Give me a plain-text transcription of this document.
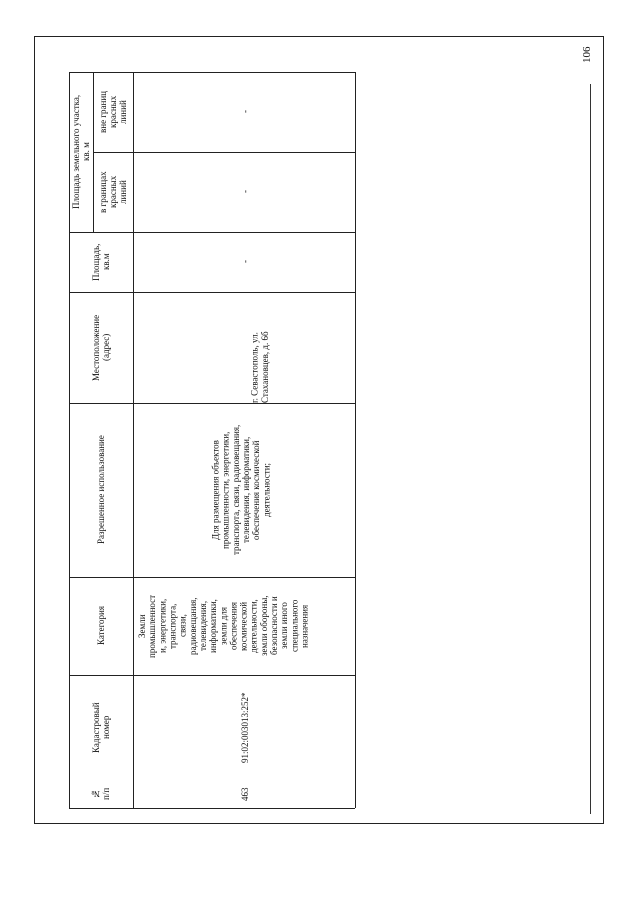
106
№
п/п
Кадастровый
номер
Категория
Разрешенное использование
Местоположение
(адрес)
Площадь,
кв.м
Площадь земельного участка,
кв. м
в границах
красных
линий
вне границ
красных
линий
463
91:02:003013:252*
Земли
промышленност
и, энергетики,
транспорта,
связи,
радиовещания,
телевидения,
информатики,
земли для
обеспечения
космической
деятельности,
земли обороны,
безопасности и
земли иного
специального
назначения
Для размещения объектов
промышленности, энергетики,
транспорта, связи, радиовещания,
телевидения, информатики,
обеспечения космической
деятельности;
г. Севастополь, ул.
Стахановцев, д. 6б
-
-
-
